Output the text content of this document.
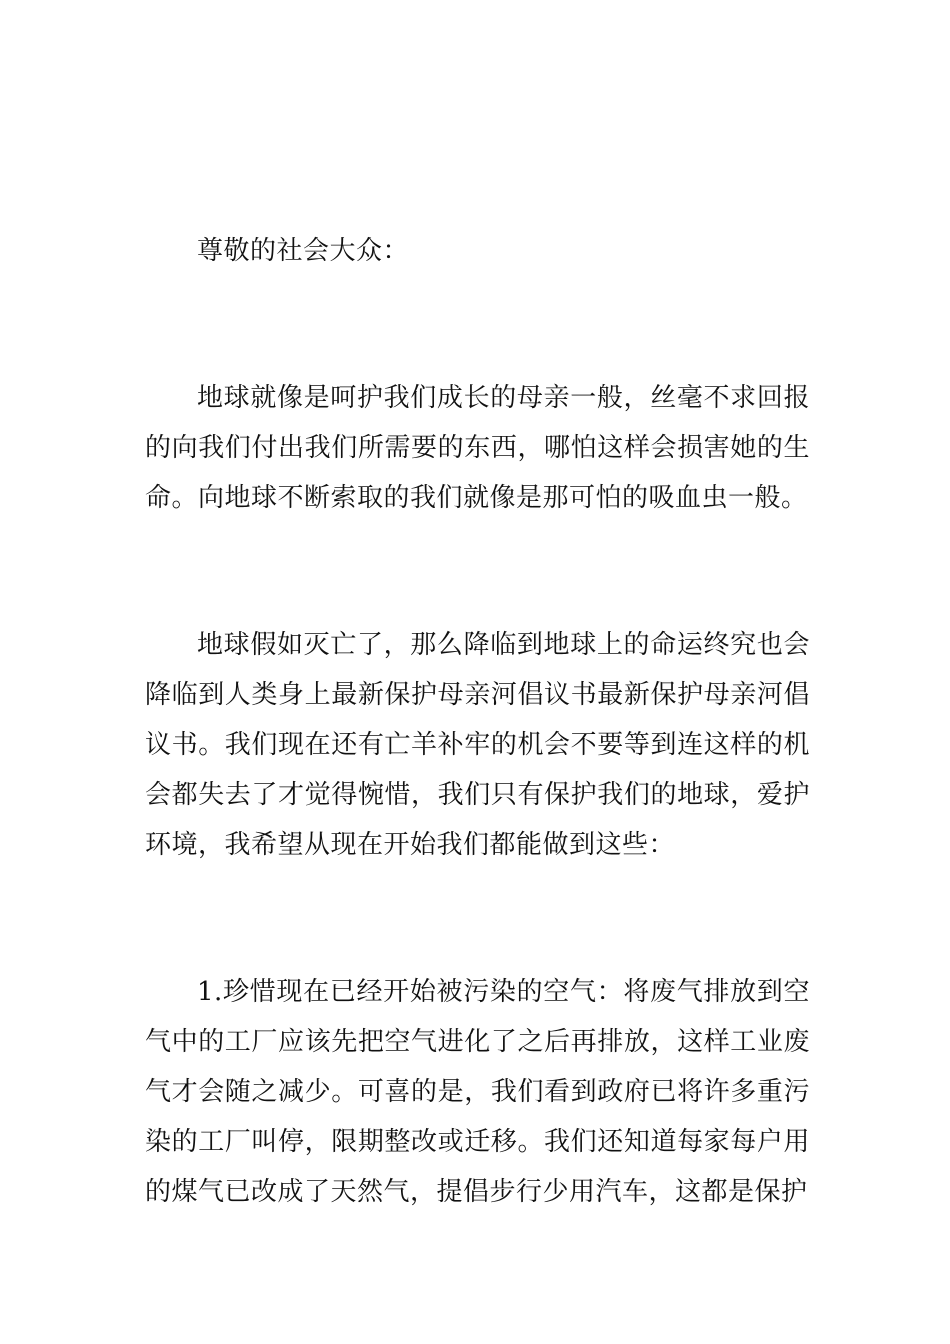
尊敬的社会大众：

地球就像是呵护我们成长的母亲一般，丝毫不求回报的向我们付出我们所需要的东西，哪怕这样会损害她的生命。向地球不断索取的我们就像是那可怕的吸血虫一般。

地球假如灭亡了，那么降临到地球上的命运终究也会降临到人类身上最新保护母亲河倡议书最新保护母亲河倡议书。我们现在还有亡羊补牢的机会不要等到连这样的机会都失去了才觉得惋惜，我们只有保护我们的地球，爱护环境，我希望从现在开始我们都能做到这些：

1.珍惜现在已经开始被污染的空气：将废气排放到空气中的工厂应该先把空气进化了之后再排放，这样工业废气才会随之减少。可喜的是，我们看到政府已将许多重污染的工厂叫停，限期整改或迁移。我们还知道每家每户用的煤气已改成了天然气，提倡步行少用汽车，这都是保护
